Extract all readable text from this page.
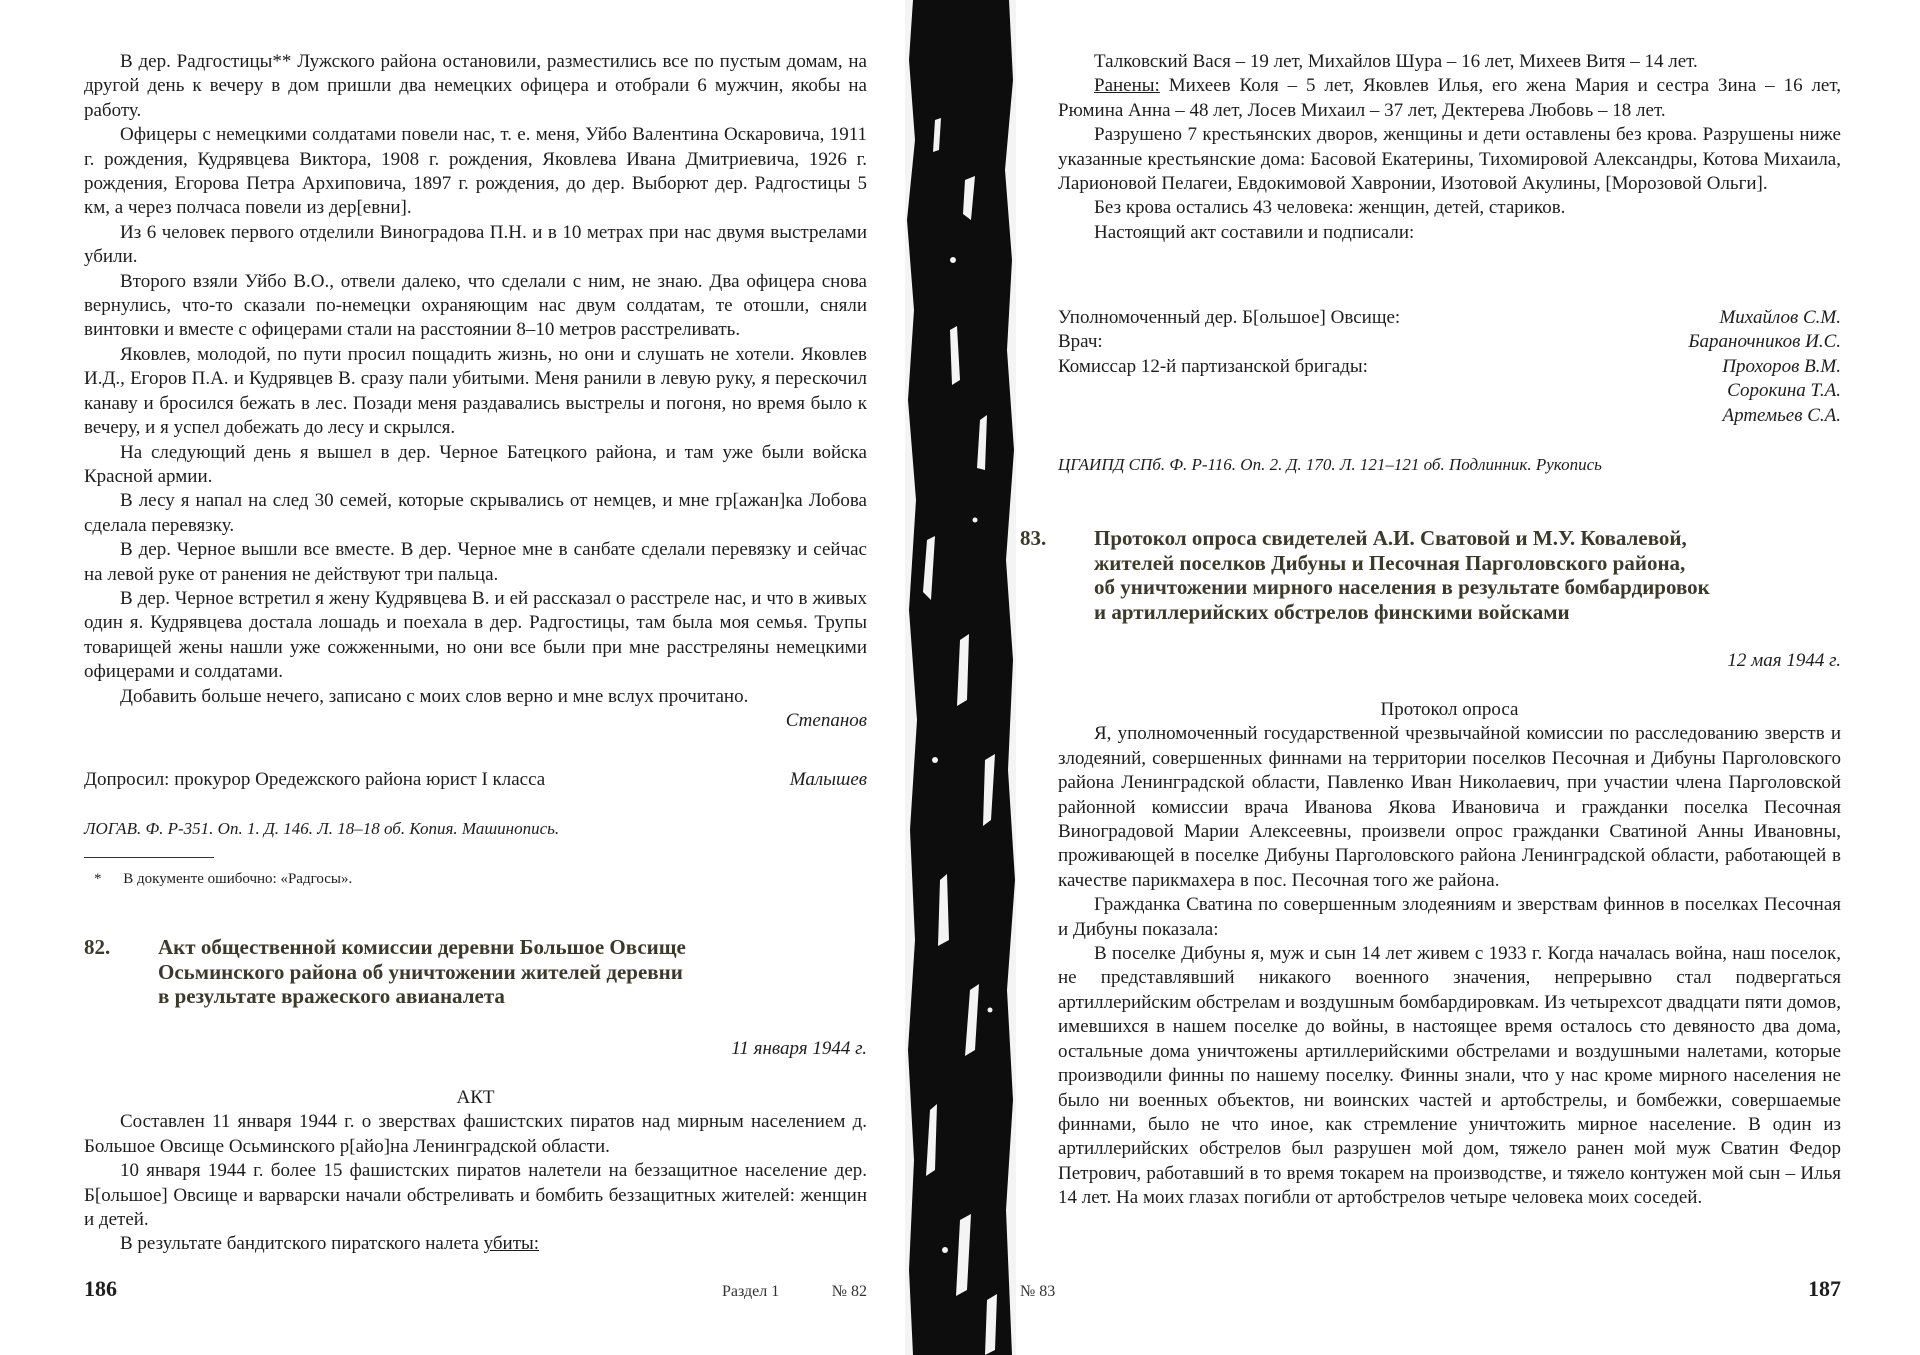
В дер. Радгостицы** Лужского района остановили, разместились все по пустым домам, на другой день к вечеру в дом пришли два немецких офицера и отобрали 6 мужчин, якобы на работу.

Офицеры с немецкими солдатами повели нас, т. е. меня, Уйбо Валентина Оскаровича, 1911 г. рождения, Кудрявцева Виктора, 1908 г. рождения, Яковлева Ивана Дмитриевича, 1926 г. рождения, Егорова Петра Архиповича, 1897 г. рождения, до дер. Выборют дер. Радгостицы 5 км, а через полчаса повели из дер[евни].

Из 6 человек первого отделили Виноградова П.Н. и в 10 метрах при нас двумя выстрелами убили.

Второго взяли Уйбо В.О., отвели далеко, что сделали с ним, не знаю. Два офицера снова вернулись, что-то сказали по-немецки охраняющим нас двум солдатам, те отошли, сняли винтовки и вместе с офицерами стали на расстоянии 8–10 метров расстреливать.

Яковлев, молодой, по пути просил пощадить жизнь, но они и слушать не хотели. Яковлев И.Д., Егоров П.А. и Кудрявцев В. сразу пали убитыми. Меня ранили в левую руку, я перескочил канаву и бросился бежать в лес. Позади меня раздавались выстрелы и погоня, но время было к вечеру, и я успел добежать до лесу и скрылся.

На следующий день я вышел в дер. Черное Батецкого района, и там уже были войска Красной армии.

В лесу я напал на след 30 семей, которые скрывались от немцев, и мне гр[ажан]ка Лобова сделала перевязку.

В дер. Черное вышли все вместе. В дер. Черное мне в санбате сделали перевязку и сейчас на левой руке от ранения не действуют три пальца.

В дер. Черное встретил я жену Кудрявцева В. и ей рассказал о расстреле нас, и что в живых один я. Кудрявцева достала лошадь и поехала в дер. Радгостицы, там была моя семья. Трупы товарищей жены нашли уже сожженными, но они все были при мне расстреляны немецкими офицерами и солдатами.

Добавить больше нечего, записано с моих слов верно и мне вслух прочитано.

Степанов

Допросил: прокурор Оредежского района юрист I класса	Малышев

ЛОГАВ. Ф. Р-351. Оп. 1. Д. 146. Л. 18–18 об. Копия. Машинопись.

* В документе ошибочно: «Радгосы».
82. Акт общественной комиссии деревни Большое Овсище
Осьминского района об уничтожении жителей деревни
в результате вражеского авианалета

11 января 1944 г.

АКТ

Составлен 11 января 1944 г. о зверствах фашистских пиратов над мирным населением д. Большое Овсище Осьминского р[айо]на Ленинградской области.

10 января 1944 г. более 15 фашистских пиратов налетели на беззащитное население дер. Б[ольшое] Овсище и варварски начали обстреливать и бомбить беззащитных жителей: женщин и детей.

В результате бандитского пиратского налета убиты:

186	Раздел 1	№ 82

Талковский Вася – 19 лет, Михайлов Шура – 16 лет, Михеев Витя – 14 лет.

Ранены: Михеев Коля – 5 лет, Яковлев Илья, его жена Мария и сестра Зина – 16 лет, Рюмина Анна – 48 лет, Лосев Михаил – 37 лет, Дектерева Любовь – 18 лет.

Разрушено 7 крестьянских дворов, женщины и дети оставлены без крова. Разрушены ниже указанные крестьянские дома: Басовой Екатерины, Тихомировой Александры, Котова Михаила, Ларионовой Пелагеи, Евдокимовой Хавронии, Изотовой Акулины, [Морозовой Ольги].

Без крова остались 43 человека: женщин, детей, стариков.

Настоящий акт составили и подписали:

Уполномоченный дер. Б[ольшое] Овсище:	Михайлов С.М.
Врач:	Бараночников И.С.
Комиссар 12-й партизанской бригады:	Прохоров В.М.
Сорокина Т.А.
Артемьев С.А.

ЦГАИПД СПб. Ф. Р-116. Оп. 2. Д. 170. Л. 121–121 об. Подлинник. Рукопись

83. Протокол опроса свидетелей А.И. Сватовой и М.У. Ковалевой,
жителей поселков Дибуны и Песочная Парголовского района,
об уничтожении мирного населения в результате бомбардировок
и артиллерийских обстрелов финскими войсками

12 мая 1944 г.

Протокол опроса

Я, уполномоченный государственной чрезвычайной комиссии по расследованию зверств и злодеяний, совершенных финнами на территории поселков Песочная и Дибуны Парголовского района Ленинградской области, Павленко Иван Николаевич, при участии члена Парголовской районной комиссии врача Иванова Якова Ивановича и гражданки поселка Песочная Виноградовой Марии Алексеевны, произвели опрос гражданки Сватиной Анны Ивановны, проживающей в поселке Дибуны Парголовского района Ленинградской области, работающей в качестве парикмахера в пос. Песочная того же района.

Гражданка Сватина по совершенным злодеяниям и зверствам финнов в поселках Песочная и Дибуны показала:

В поселке Дибуны я, муж и сын 14 лет живем с 1933 г. Когда началась война, наш поселок, не представлявший никакого военного значения, непрерывно стал подвергаться артиллерийским обстрелам и воздушным бомбардировкам. Из четырехсот двадцати пяти домов, имевшихся в нашем поселке до войны, в настоящее время осталось сто девяносто два дома, остальные дома уничтожены артиллерийскими обстрелами и воздушными налетами, которые производили финны по нашему поселку. Финны знали, что у нас кроме мирного населения не было ни военных объектов, ни воинских частей и артобстрелы, и бомбежки, совершаемые финнами, было не что иное, как стремление уничтожить мирное население. В один из артиллерийских обстрелов был разрушен мой дом, тяжело ранен мой муж Сватин Федор Петрович, работавший в то время токарем на производстве, и тяжело контужен мой сын – Илья 14 лет. На моих глазах погибли от артобстрелов четыре человека моих соседей.

№ 83	187
